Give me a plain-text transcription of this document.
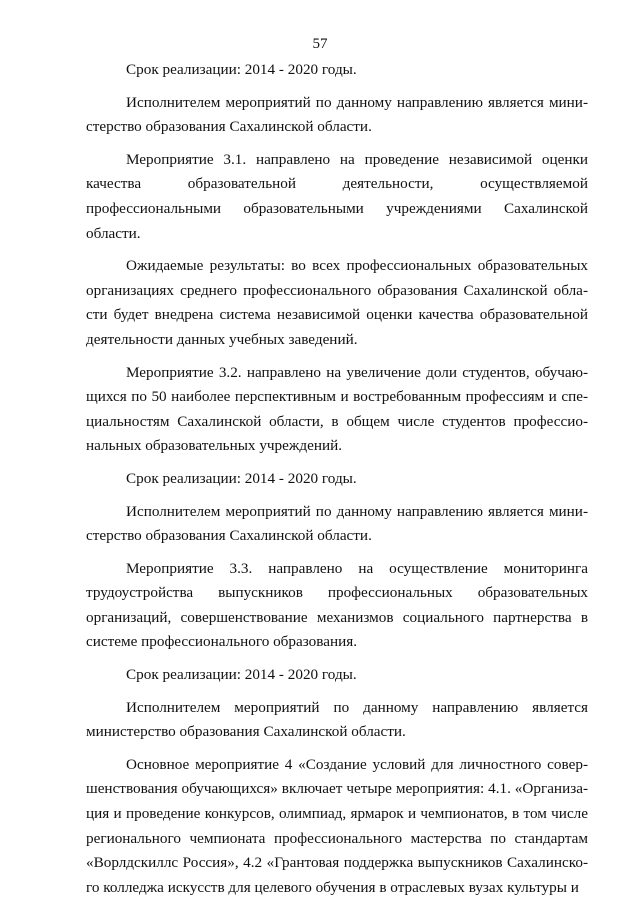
57

Срок реализации: 2014 - 2020 годы.

Исполнителем мероприятий по данному направлению является министерство образования Сахалинской области.

Мероприятие 3.1. направлено на проведение независимой оценки качества образовательной деятельности, осуществляемой профессиональными образовательными учреждениями Сахалинской области.

Ожидаемые результаты: во всех профессиональных образовательных организациях среднего профессионального образования Сахалинской области будет внедрена система независимой оценки качества образовательной деятельности данных учебных заведений.

Мероприятие 3.2. направлено на увеличение доли студентов, обучающихся по 50 наиболее перспективным и востребованным профессиям и специальностям Сахалинской области, в общем числе студентов профессиональных образовательных учреждений.

Срок реализации: 2014 - 2020 годы.

Исполнителем мероприятий по данному направлению является министерство образования Сахалинской области.

Мероприятие 3.3. направлено на осуществление мониторинга трудоустройства выпускников профессиональных образовательных организаций, совершенствование механизмов социального партнерства в системе профессионального образования.

Срок реализации: 2014 - 2020 годы.

Исполнителем мероприятий по данному направлению является министерство образования Сахалинской области.

Основное мероприятие 4 «Создание условий для личностного совершенствования обучающихся» включает четыре мероприятия: 4.1. «Организация и проведение конкурсов, олимпиад, ярмарок и чемпионатов, в том числе регионального чемпионата профессионального мастерства по стандартам «Ворлдскиллс Россия», 4.2 «Грантовая поддержка выпускников Сахалинского колледжа искусств для целевого обучения в отраслевых вузах культуры и
